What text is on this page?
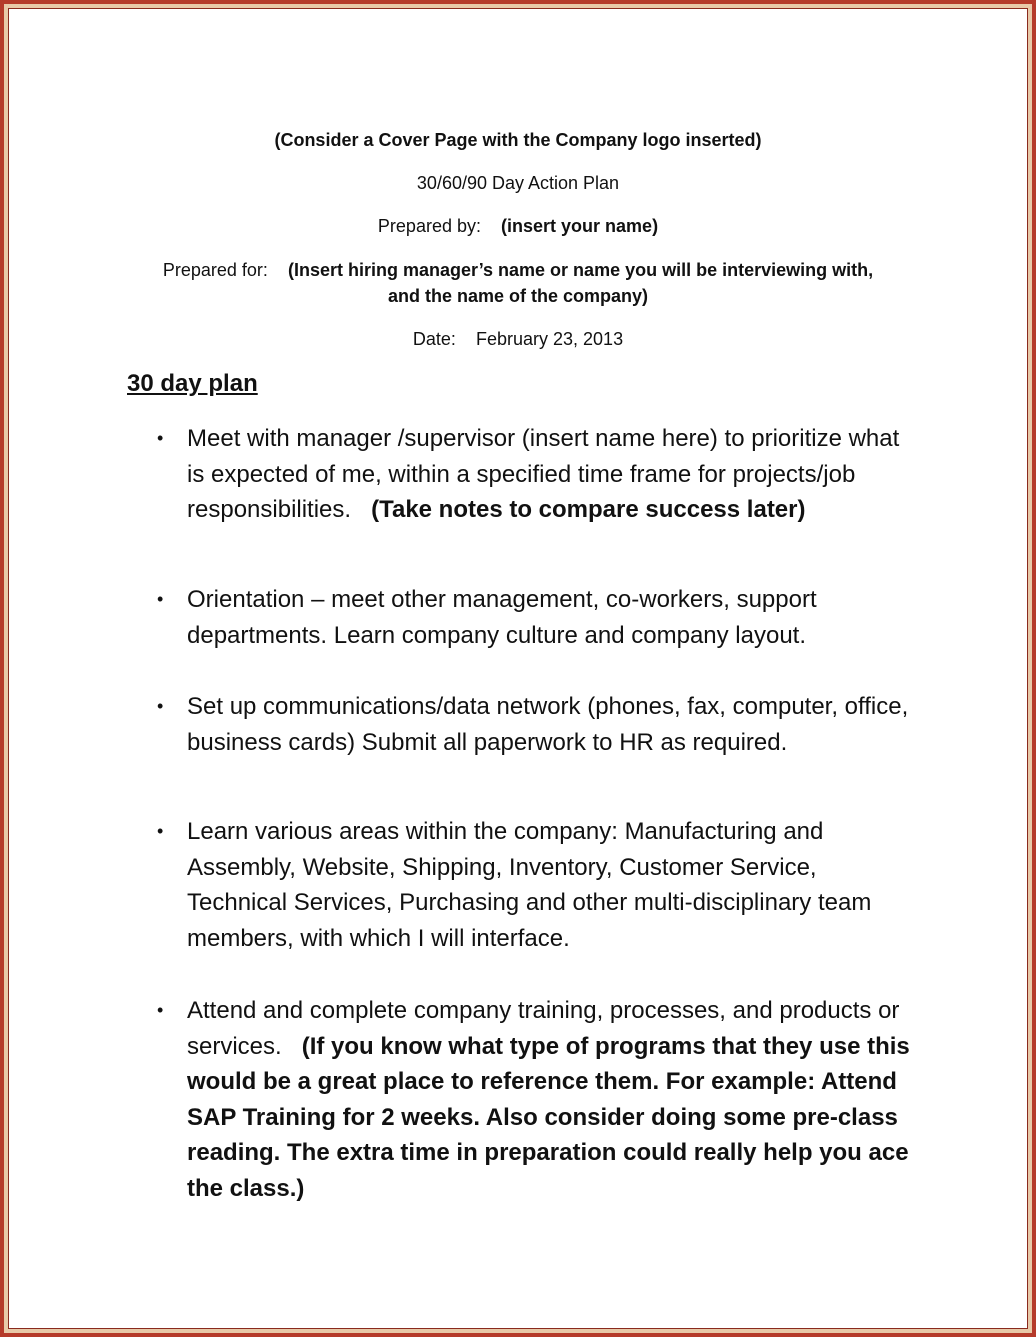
(Consider a Cover Page with the Company logo inserted)
30/60/90 Day Action Plan
Prepared by: (insert your name)
Prepared for: (Insert hiring manager’s name or name you will be interviewing with,
and the name of the company)
Date: February 23, 2013
30 day plan
• Meet with manager /supervisor (insert name here) to prioritize what is expected of me, within a specified time frame for projects/job responsibilities. (Take notes to compare success later)
• Orientation – meet other management, co-workers, support departments. Learn company culture and company layout.
• Set up communications/data network (phones, fax, computer, office, business cards) Submit all paperwork to HR as required.
• Learn various areas within the company: Manufacturing and Assembly, Website, Shipping, Inventory, Customer Service, Technical Services, Purchasing and other multi-disciplinary team members, with which I will interface.
• Attend and complete company training, processes, and products or services. (If you know what type of programs that they use this would be a great place to reference them. For example: Attend SAP Training for 2 weeks. Also consider doing some pre-class reading. The extra time in preparation could really help you ace the class.)
